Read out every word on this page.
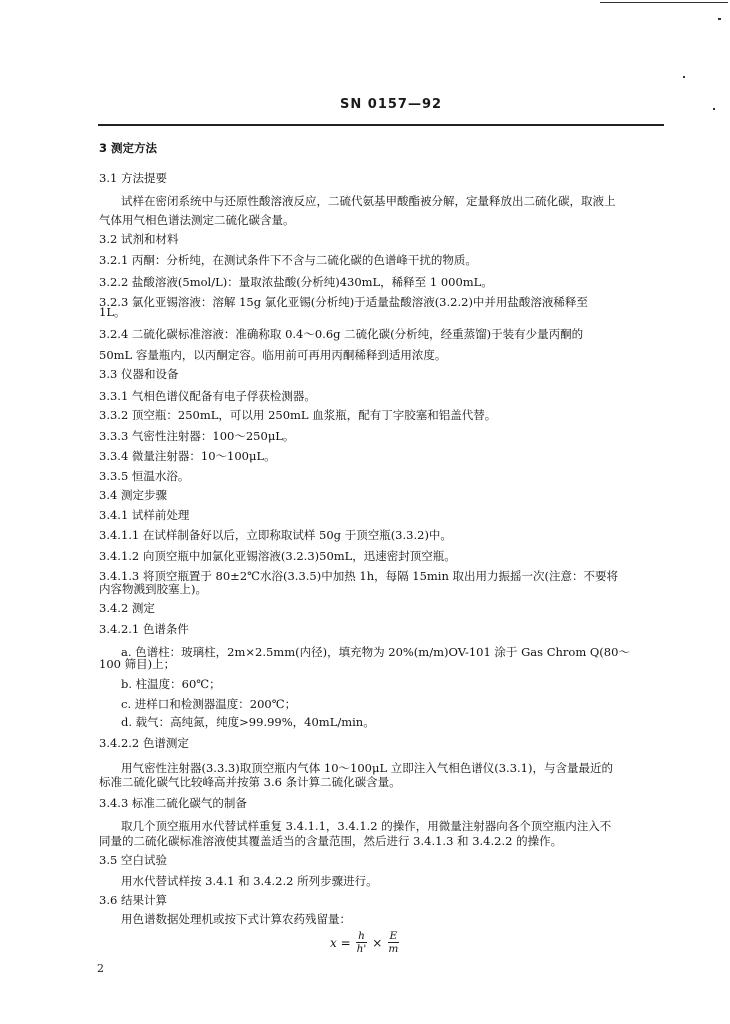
SN 0157—92
3 测定方法
3.1 方法提要
试样在密闭系统中与还原性酸溶液反应，二硫代氨基甲酸酯被分解，定量释放出二硫化碳，取液上
气体用气相色谱法测定二硫化碳含量。
3.2 试剂和材料
3.2.1 丙酮：分析纯，在测试条件下不含与二硫化碳的色谱峰干扰的物质。
3.2.2 盐酸溶液(5mol/L)：量取浓盐酸(分析纯)430mL，稀释至 1 000mL。
3.2.3 氯化亚锡溶液：溶解 15g 氯化亚锡(分析纯)于适量盐酸溶液(3.2.2)中并用盐酸溶液稀释至
1L。
3.2.4 二硫化碳标准溶液：准确称取 0.4～0.6g 二硫化碳(分析纯，经重蒸馏)于装有少量丙酮的
50mL 容量瓶内，以丙酮定容。临用前可再用丙酮稀释到适用浓度。
3.3 仪器和设备
3.3.1 气相色谱仪配备有电子俘获检测器。
3.3.2 顶空瓶：250mL，可以用 250mL 血浆瓶，配有丁字胶塞和铝盖代替。
3.3.3 气密性注射器：100～250μL。
3.3.4 微量注射器：10～100μL。
3.3.5 恒温水浴。
3.4 测定步骤
3.4.1 试样前处理
3.4.1.1 在试样制备好以后，立即称取试样 50g 于顶空瓶(3.3.2)中。
3.4.1.2 向顶空瓶中加氯化亚锡溶液(3.2.3)50mL，迅速密封顶空瓶。
3.4.1.3 将顶空瓶置于 80±2℃水浴(3.3.5)中加热 1h，每隔 15min 取出用力振摇一次(注意：不要将
内容物溅到胶塞上)。
3.4.2 测定
3.4.2.1 色谱条件
a. 色谱柱：玻璃柱，2m×2.5mm(内径)，填充物为 20%(m/m)OV-101 涂于 Gas Chrom Q(80～
100 筛目)上；
b. 柱温度：60℃；
c. 进样口和检测器温度：200℃；
d. 载气：高纯氮，纯度>99.99%，40mL/min。
3.4.2.2 色谱测定
用气密性注射器(3.3.3)取顶空瓶内气体 10～100μL 立即注入气相色谱仪(3.3.1)，与含量最近的
标准二硫化碳气比较峰高并按第 3.6 条计算二硫化碳含量。
3.4.3 标准二硫化碳气的制备
取几个顶空瓶用水代替试样重复 3.4.1.1，3.4.1.2 的操作，用微量注射器向各个顶空瓶内注入不
同量的二硫化碳标准溶液使其覆盖适当的含量范围，然后进行 3.4.1.3 和 3.4.2.2 的操作。
3.5 空白试验
用水代替试样按 3.4.1 和 3.4.2.2 所列步骤进行。
3.6 结果计算
用色谱数据处理机或按下式计算农药残留量：
$x = \frac{h}{h'} \times \frac{E}{m}$
2
